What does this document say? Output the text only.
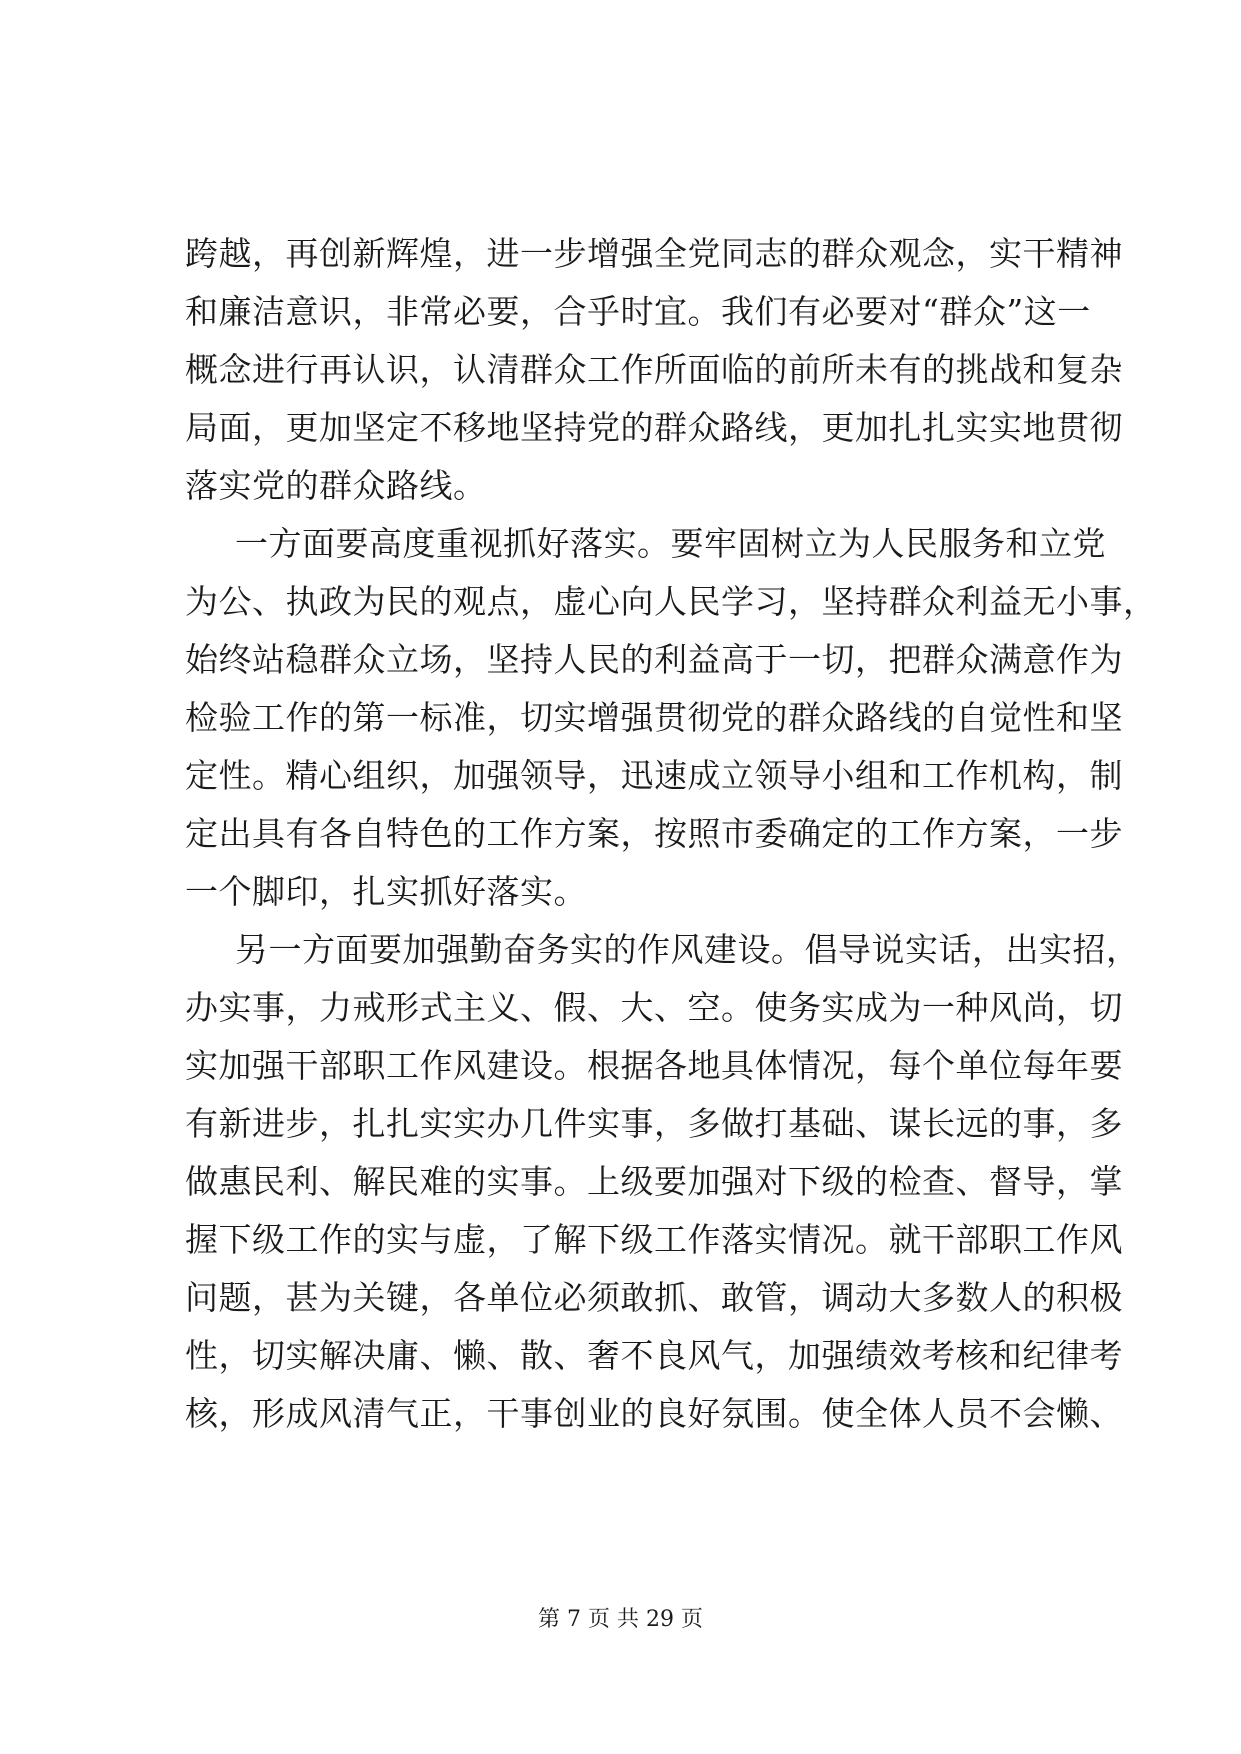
跨越，再创新辉煌，进一步增强全党同志的群众观念，实干精神
和廉洁意识，非常必要，合乎时宜。我们有必要对“群众”这一
概念进行再认识，认清群众工作所面临的前所未有的挑战和复杂
局面，更加坚定不移地坚持党的群众路线，更加扎扎实实地贯彻
落实党的群众路线。
一方面要高度重视抓好落实。要牢固树立为人民服务和立党
为公、执政为民的观点，虚心向人民学习，坚持群众利益无小事，
始终站稳群众立场，坚持人民的利益高于一切，把群众满意作为
检验工作的第一标准，切实增强贯彻党的群众路线的自觉性和坚
定性。精心组织，加强领导，迅速成立领导小组和工作机构，制
定出具有各自特色的工作方案，按照市委确定的工作方案，一步
一个脚印，扎实抓好落实。
另一方面要加强勤奋务实的作风建设。倡导说实话，出实招，
办实事，力戒形式主义、假、大、空。使务实成为一种风尚，切
实加强干部职工作风建设。根据各地具体情况，每个单位每年要
有新进步，扎扎实实办几件实事，多做打基础、谋长远的事，多
做惠民利、解民难的实事。上级要加强对下级的检查、督导，掌
握下级工作的实与虚，了解下级工作落实情况。就干部职工作风
问题，甚为关键，各单位必须敢抓、敢管，调动大多数人的积极
性，切实解决庸、懒、散、奢不良风气，加强绩效考核和纪律考
核，形成风清气正，干事创业的良好氛围。使全体人员不会懒、
第 7 页 共 29 页
